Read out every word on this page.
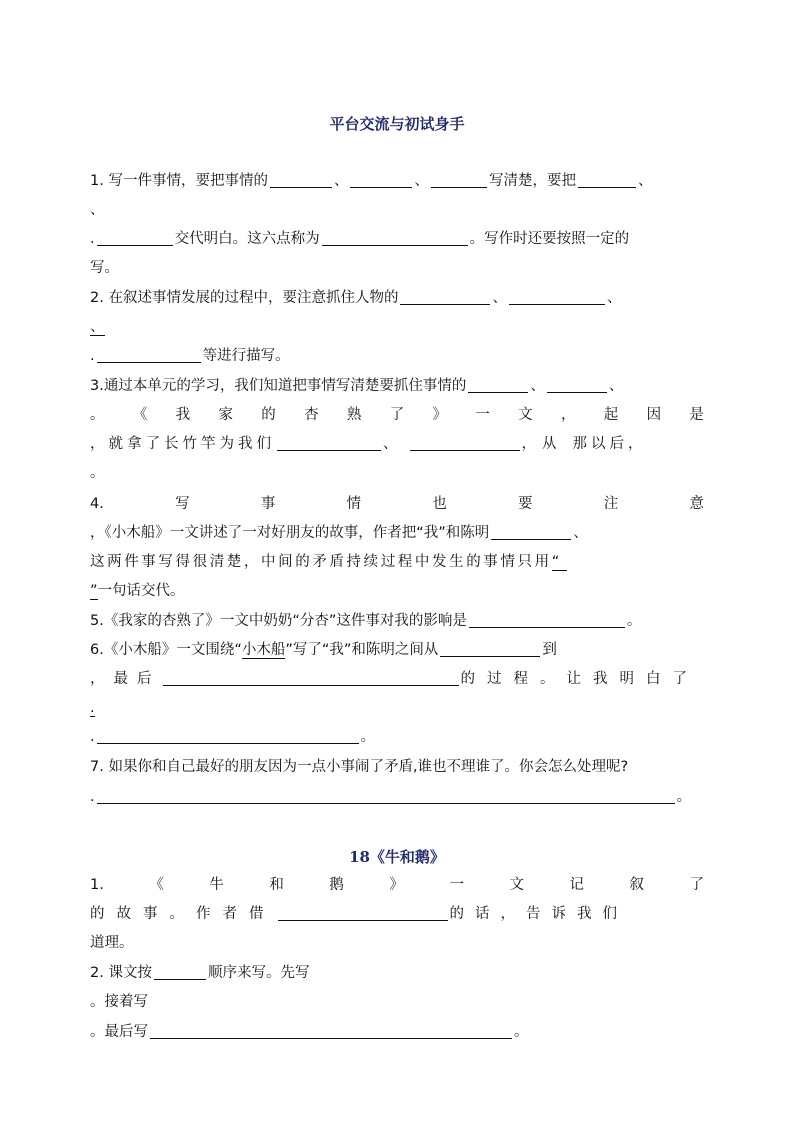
平台交流与初试身手
1. 写一件事情，要把事情的	、	、	写清楚，要把	、
、
.	交代明白。这六点称为	。写作时还要按照一定的
写。
2. 在叙述事情发展的过程中，要注意抓住人物的	、	、
、
.	等进行描写。
3.通过本单元的学习，我们知道把事情写清楚要抓住事情的	、	、
。 《 我 家 的 杏 熟 了 》 一 文 ， 起 因 是
，就拿了长竹竿为我们	、	，从 那以后，
。
4.	写	事	情	也	要	注	意
，《小木船》一文讲述了一对好朋友的故事，作者把“我”和陈明	、
这两件事写得很清楚，中间的矛盾持续过程中发生的事情只用“
”一句话交代。
5.《我家的杏熟了》一文中奶奶“分杏”这件事对我的影响是	。
6.《小木船》一文围绕“小木船”写了“我”和陈明之间从	到
，最后	的过程。让我明白了
.
.	。
7. 如果你和自己最好的朋友因为一点小事闹了矛盾,谁也不理谁了。你会怎么处理呢?
.	。
18《牛和鹅》
1.	《	牛	和	鹅	》	一	文	记	叙	了
的故事。作者借	的话，告诉我们
道理。
2. 课文按	顺序来写。先写
。接着写
。最后写	。
